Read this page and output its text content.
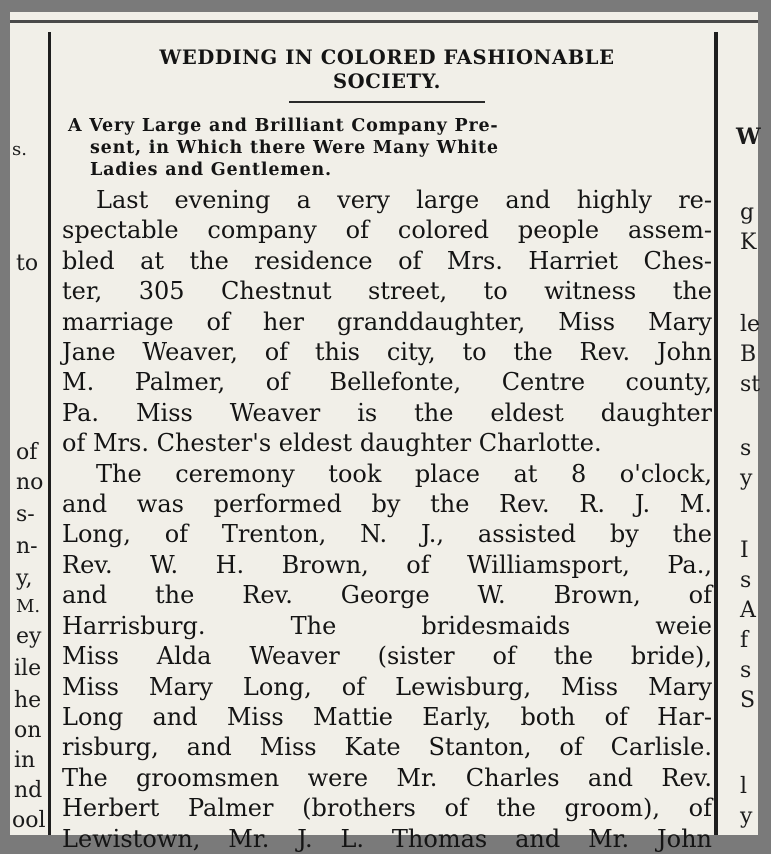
s.
to
of
no
s-
n-
y,
M.
ey
ile
he
on
in
nd
ool
W
g
K
le
B
st
s
y
I
s
A
f
s
S
l
y
WEDDING IN COLORED FASHIONABLE
SOCIETY.
A Very Large and Brilliant Company Pre-
sent, in Which there Were Many White
Ladies and Gentlemen.
Last evening a very large and highly re-
spectable company of colored people assem-
bled at the residence of Mrs. Harriet Ches-
ter, 305 Chestnut street, to witness the
marriage of her granddaughter, Miss Mary
Jane Weaver, of this city, to the Rev. John
M. Palmer, of Bellefonte, Centre county,
Pa. Miss Weaver is the eldest daughter
of Mrs. Chester's eldest daughter Charlotte.
The ceremony took place at 8 o'clock,
and was performed by the Rev. R. J. M.
Long, of Trenton, N. J., assisted by the
Rev. W. H. Brown, of Williamsport, Pa.,
and the Rev. George W. Brown, of
Harrisburg. The bridesmaids weie
Miss Alda Weaver (sister of the bride),
Miss Mary Long, of Lewisburg, Miss Mary
Long and Miss Mattie Early, both of Har-
risburg, and Miss Kate Stanton, of Carlisle.
The groomsmen were Mr. Charles and Rev.
Herbert Palmer (brothers of the groom), of
Lewistown, Mr. J. L. Thomas and Mr. John
